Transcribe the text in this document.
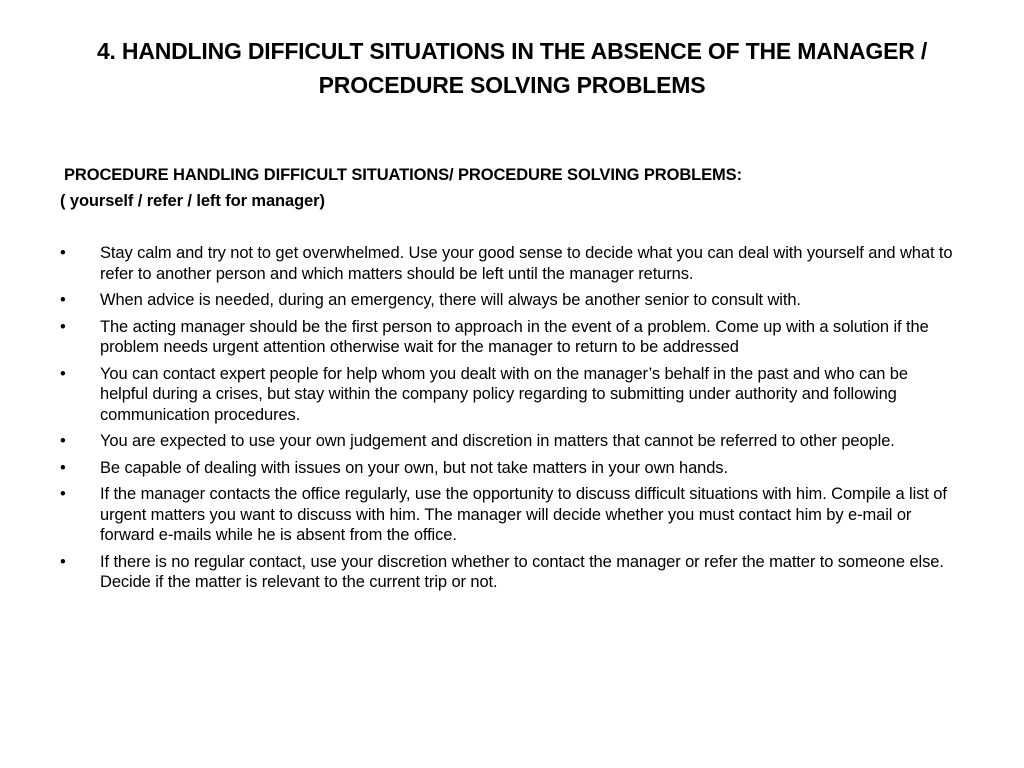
4. HANDLING DIFFICULT SITUATIONS IN THE ABSENCE OF THE MANAGER / PROCEDURE SOLVING PROBLEMS

PROCEDURE HANDLING DIFFICULT SITUATIONS/ PROCEDURE SOLVING PROBLEMS:

( yourself / refer / left for manager)

•	Stay calm and try not to get overwhelmed. Use your good sense to decide what you can deal with yourself and what to refer to another person and which matters should be left until the manager returns.
•	When advice is needed, during an emergency, there will always be another senior to consult with.
•	The acting manager should be the first person to approach in the event of a problem. Come up with a solution if the problem needs urgent attention otherwise wait for the manager to return to be addressed
•	You can contact expert people for help whom you dealt with on the manager’s behalf in the past and who can be helpful during a crises, but stay within the company policy regarding to submitting under authority and following communication procedures.
•	You are expected to use your own judgement and discretion in matters that cannot be referred to other people.
•	Be capable of dealing with issues on your own, but not take matters in your own hands.
•	If the manager contacts the office regularly, use the opportunity to discuss difficult situations with him. Compile a list of urgent matters you want to discuss with him. The manager will decide whether you must contact him by e-mail or forward e-mails while he is absent from the office.
•	If there is no regular contact, use your discretion whether to contact the manager or refer the matter to someone else. Decide if the matter is relevant to the current trip or not.
